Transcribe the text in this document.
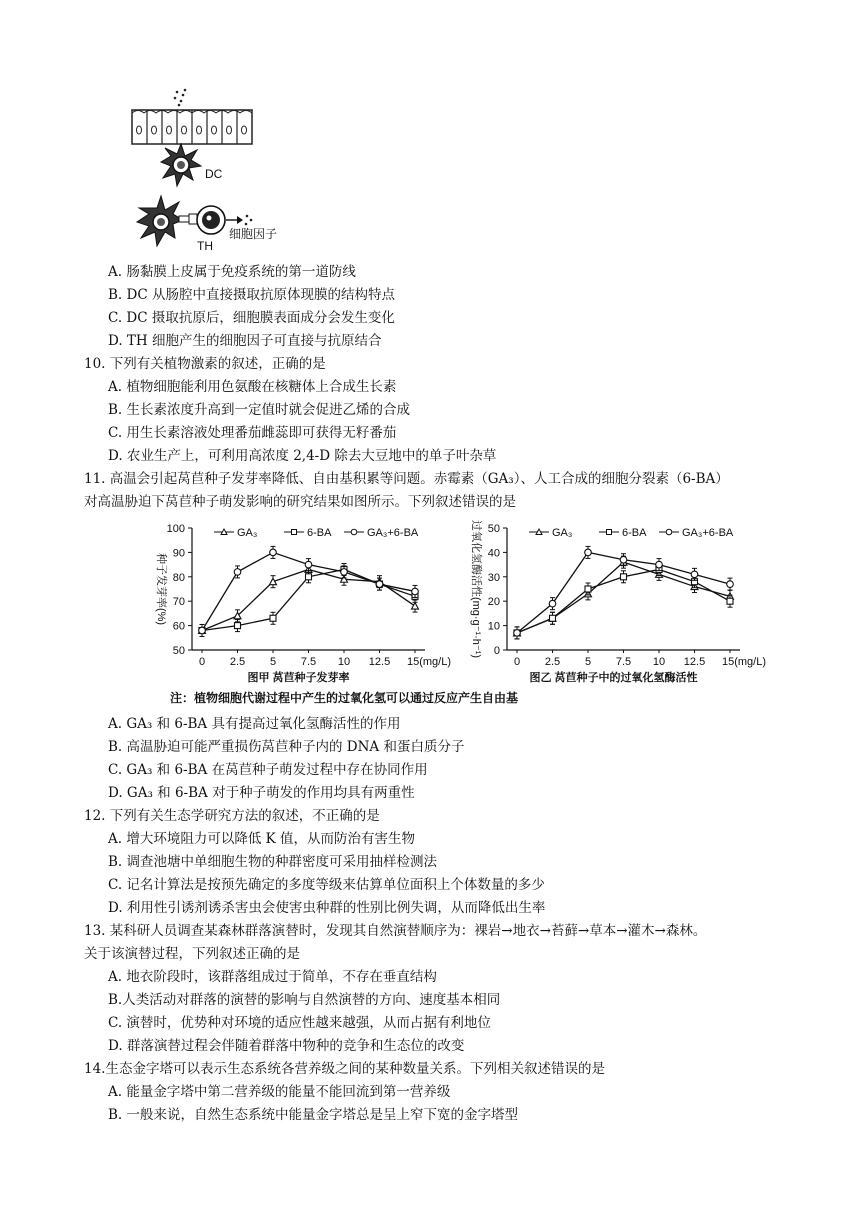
DC
TH
细胞因子
A. 肠黏膜上皮属于免疫系统的第一道防线
B. DC 从肠腔中直接摄取抗原体现膜的结构特点
C. DC 摄取抗原后，细胞膜表面成分会发生变化
D. TH 细胞产生的细胞因子可直接与抗原结合
10. 下列有关植物激素的叙述，正确的是
A. 植物细胞能利用色氨酸在核糖体上合成生长素
B. 生长素浓度升高到一定值时就会促进乙烯的合成
C. 用生长素溶液处理番茄雌蕊即可获得无籽番茄
D. 农业生产上，可利用高浓度 2,4-D 除去大豆地中的单子叶杂草
11. 高温会引起莴苣种子发芽率降低、自由基积累等问题。赤霉素（GA₃）、人工合成的细胞分裂素（6-BA）
对高温胁迫下莴苣种子萌发影响的研究结果如图所示。下列叙述错误的是
50
60
70
80
90
100
0 2.5 5 7.5 10 12.5 15(mg/L)
种子发芽率(%)
图甲 莴苣种子发芽率
GA₃	6-BA	GA₃+6-BA
0
10
20
30
40
50
0 2.5 5 7.5 10 12.5 15(mg/L)
过氧化氢酶活性(mg·g⁻¹·h⁻¹)
图乙 莴苣种子中的过氧化氢酶活性
GA₃	6-BA	GA₃+6-BA
注：植物细胞代谢过程中产生的过氧化氢可以通过反应产生自由基
A. GA₃ 和 6-BA 具有提高过氧化氢酶活性的作用
B. 高温胁迫可能严重损伤莴苣种子内的 DNA 和蛋白质分子
C. GA₃ 和 6-BA 在莴苣种子萌发过程中存在协同作用
D. GA₃ 和 6-BA 对于种子萌发的作用均具有两重性
12. 下列有关生态学研究方法的叙述，不正确的是
A. 增大环境阻力可以降低 K 值，从而防治有害生物
B. 调查池塘中单细胞生物的种群密度可采用抽样检测法
C. 记名计算法是按预先确定的多度等级来估算单位面积上个体数量的多少
D. 利用性引诱剂诱杀害虫会使害虫种群的性别比例失调，从而降低出生率
13. 某科研人员调查某森林群落演替时，发现其自然演替顺序为：裸岩→地衣→苔藓→草本→灌木→森林。
关于该演替过程，下列叙述正确的是
A. 地衣阶段时，该群落组成过于简单，不存在垂直结构
B.人类活动对群落的演替的影响与自然演替的方向、速度基本相同
C. 演替时，优势种对环境的适应性越来越强，从而占据有利地位
D. 群落演替过程会伴随着群落中物种的竞争和生态位的改变
14.生态金字塔可以表示生态系统各营养级之间的某种数量关系。下列相关叙述错误的是
A. 能量金字塔中第二营养级的能量不能回流到第一营养级
B. 一般来说，自然生态系统中能量金字塔总是呈上窄下宽的金字塔型
